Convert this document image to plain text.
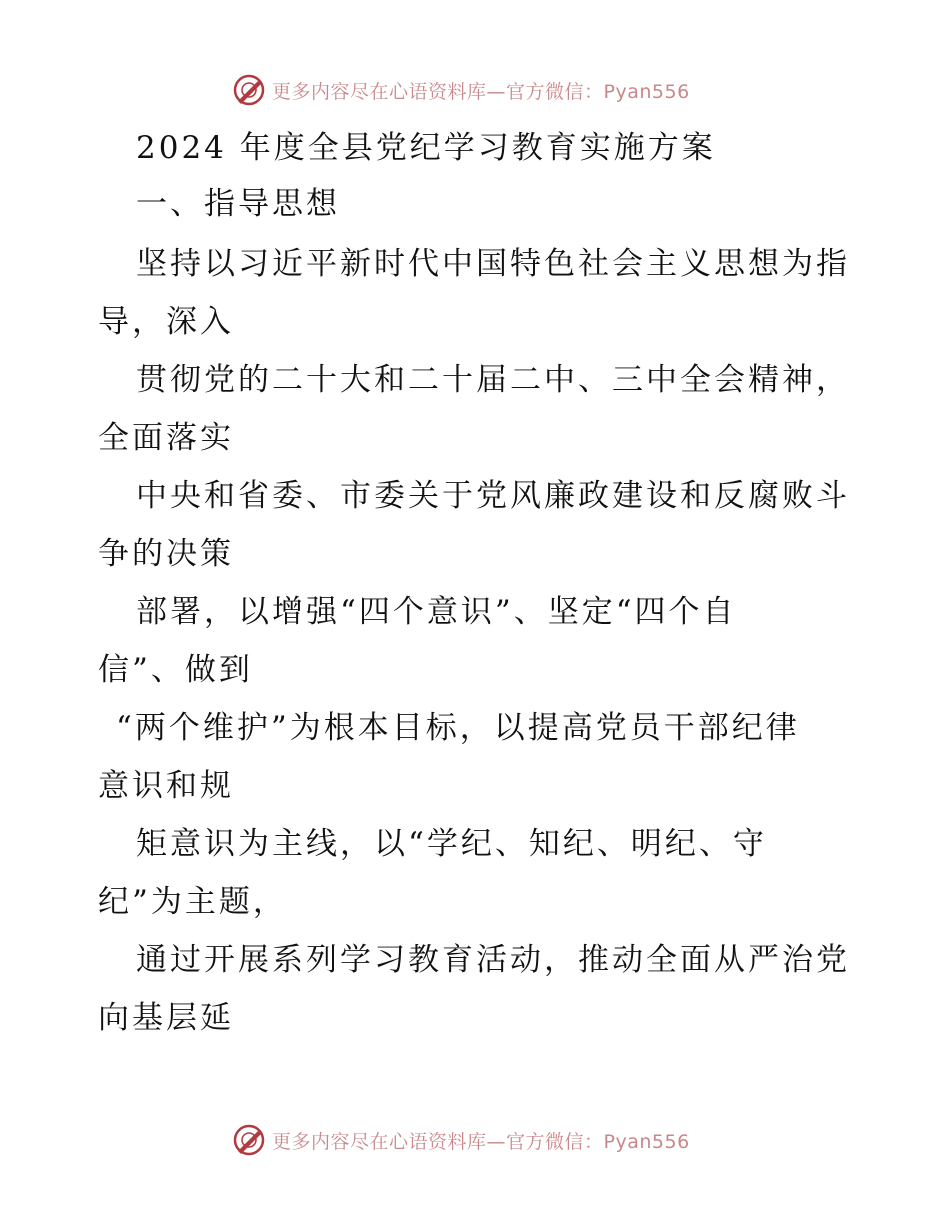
更多内容尽在心语资料库—官方微信：Pyan556
2024 年度全县党纪学习教育实施方案
一、指导思想
坚持以习近平新时代中国特色社会主义思想为指
导，深入
贯彻党的二十大和二十届二中、三中全会精神，
全面落实
中央和省委、市委关于党风廉政建设和反腐败斗
争的决策
部署，以增强“四个意识”、坚定“四个自
信”、做到
“两个维护”为根本目标，以提高党员干部纪律
意识和规
矩意识为主线，以“学纪、知纪、明纪、守
纪”为主题，
通过开展系列学习教育活动，推动全面从严治党
向基层延
更多内容尽在心语资料库—官方微信：Pyan556
